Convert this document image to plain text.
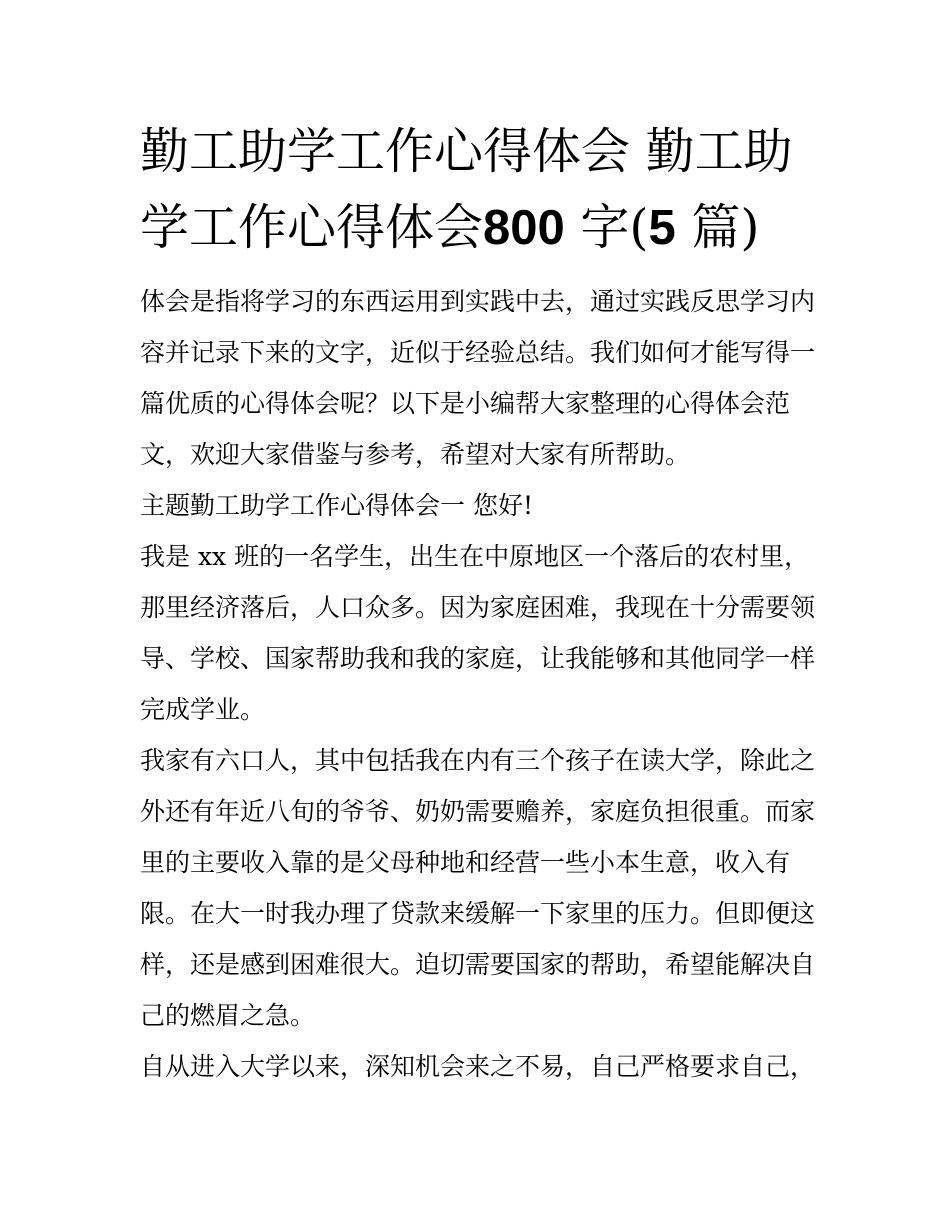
勤工助学工作心得体会 勤工助学工作心得体会800 字(5 篇)

体会是指将学习的东西运用到实践中去，通过实践反思学习内容并记录下来的文字，近似于经验总结。我们如何才能写得一篇优质的心得体会呢？以下是小编帮大家整理的心得体会范文，欢迎大家借鉴与参考，希望对大家有所帮助。

主题勤工助学工作心得体会一 您好!

我是 xx 班的一名学生，出生在中原地区一个落后的农村里，那里经济落后，人口众多。因为家庭困难，我现在十分需要领导、学校、国家帮助我和我的家庭，让我能够和其他同学一样完成学业。

我家有六口人，其中包括我在内有三个孩子在读大学，除此之外还有年近八旬的爷爷、奶奶需要赡养，家庭负担很重。而家里的主要收入靠的是父母种地和经营一些小本生意，收入有限。在大一时我办理了贷款来缓解一下家里的压力。但即便这样，还是感到困难很大。迫切需要国家的帮助，希望能解决自己的燃眉之急。

自从进入大学以来，深知机会来之不易，自己严格要求自己，
